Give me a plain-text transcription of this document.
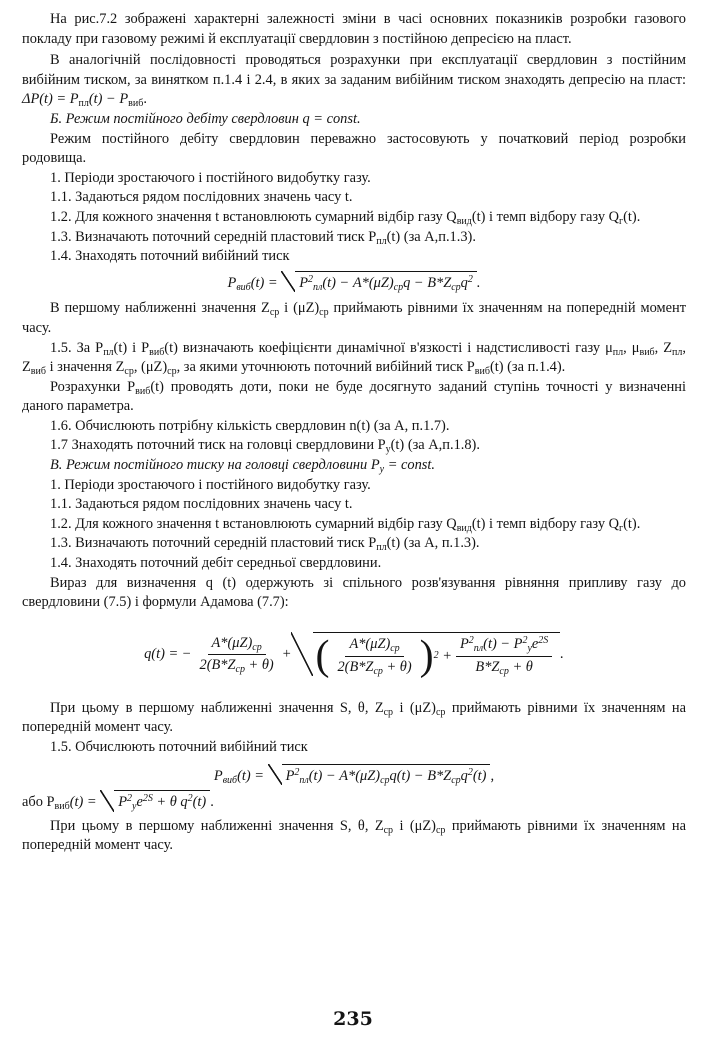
На рис.7.2 зображені характерні залежності зміни в часі основних показників розробки газового покладу при газовому режимі й експлуатації свердловин з постійною депресією на пласт.

В аналогічній послідовності проводяться розрахунки при експлуатації свердловин з постійним вибійним тиском, за винятком п.1.4 і 2.4, в яких за заданим вибійним тиском знаходять депресію на пласт: $\Delta P(t) = P_{пл}(t) - P_{виб}$.

Б. Режим постійного дебіту свердловин q = const.

Режим постійного дебіту свердловин переважно застосовують у початковий період розробки родовища.

1. Періоди зростаючого і постійного видобутку газу.

1.1. Задаються рядом послідовних значень часу t.

1.2. Для кожного значення t встановлюють сумарний відбір газу $Q_{вид}(t)$ і темп відбору газу $Q_г(t)$.

1.3. Визначають поточний середній пластовий тиск $P_{пл}(t)$ (за А,п.1.3).

1.4. Знаходять поточний вибійний тиск

$P_{виб}(t) = P^2_{пл}(t) - A*(\mu Z)_{ср}q - B*Z_{ср}q^2$ .

В першому наближенні значення $Z_{ср}$ і $(\mu Z)_{ср}$ приймають рівними їх значенням на попередній момент часу.

1.5. За $P_{пл}(t)$ і $P_{виб}(t)$ визначають коефіцієнти динамічної в'язкості і надстисливості газу $\mu_{пл}$, $\mu_{виб}$, $Z_{пл}$, $Z_{виб}$ і значення $Z_{ср}$, $(\mu Z)_{ср}$, за якими уточнюють поточний вибійний тиск $P_{виб}(t)$ (за п.1.4).

Розрахунки $P_{виб}(t)$ проводять доти, поки не буде досягнуто заданий ступінь точності у визначенні даного параметра.

1.6. Обчислюють потрібну кількість свердловин n(t) (за А, п.1.7).

1.7 Знаходять поточний тиск на головці свердловини $P_у(t)$ (за А,п.1.8).

В. Режим постійного тиску на головці свердловини $P_у$ = const.

1. Періоди зростаючого і постійного видобутку газу.

1.1. Задаються рядом послідовних значень часу t.

1.2. Для кожного значення t встановлюють сумарний відбір газу $Q_{вид}(t)$ і темп відбору газу $Q_г(t)$.

1.3. Визначають поточний середній пластовий тиск $P_{пл}(t)$ (за А, п.1.3).

1.4. Знаходять поточний дебіт середньої свердловини.

Вираз для визначення q (t) одержують зі спільного розв'язування рівняння припливу газу до свердловини (7.5) і формули Адамова (7.7):

q(t) = − $\frac{A*(\mu Z)_{ср}}{2(B*Z_{ср} + \theta)}$ + ( $\frac{A*(\mu Z)_{ср}}{2(B*Z_{ср} + \theta)}$ ) $2 + \frac{P^2_{пл}(t) - P^2_уe^{2S}}{B*Z_{ср} + \theta}$ .

При цьому в першому наближенні значення S, θ, $Z_{ср}$ і $(\mu Z)_{ср}$ приймають рівними їх значенням на попередній момент часу.

1.5. Обчислюють поточний вибійний тиск

$P_{виб}(t) = P^2_{пл}(t) - A*(\mu Z)_{ср}q(t) - B*Z_{ср}q^2(t)$ ,

або $P_{виб}(t) = P^2_уe^{2S} + \theta$ $q^2(t)$ .

При цьому в першому наближенні значення S, θ, $Z_{ср}$ і $(\mu Z)_{ср}$ приймають рівними їх значенням на попередній момент часу.

235
